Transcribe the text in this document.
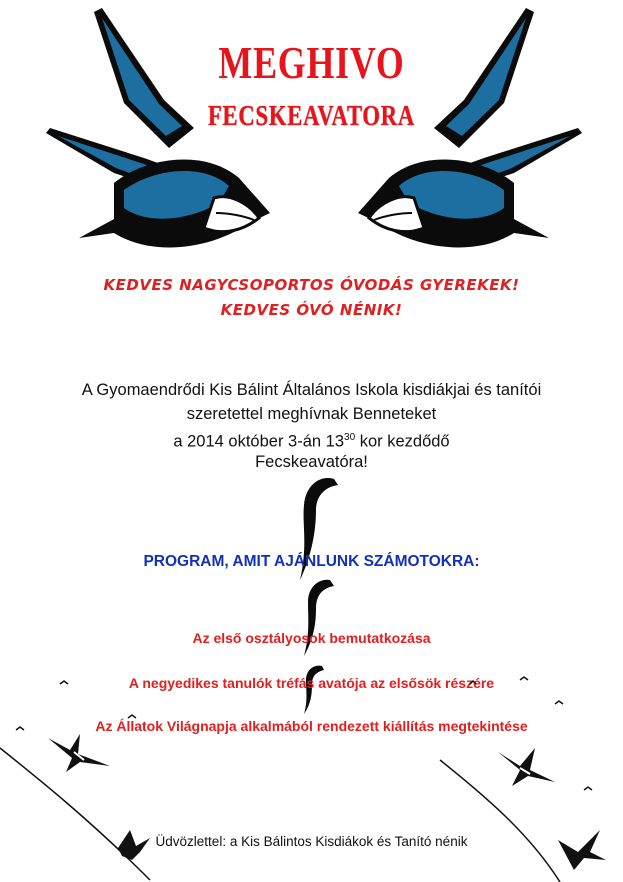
MEGHIVO
FECSKEAVATORA
KEDVES NAGYCSOPORTOS ÓVODÁS GYEREKEK!
KEDVES ÓVÓ NÉNIK!
A Gyomaendrődi Kis Bálint Általános Iskola kisdiákjai és tanítói
szeretettel meghívnak Benneteket
a 2014 október 3-án $13^{30}$ kor kezdődő
Fecskeavatóra!
PROGRAM, AMIT AJÁNLUNK SZÁMOTOKRA:
Az első osztályosok bemutatkozása
A negyedikes tanulók tréfás avatója az elsősök részére
Az Állatok Világnapja alkalmából rendezett kiállítás megtekintése
Üdvözlettel: a Kis Bálintos Kisdiákok és Tanító nénik
